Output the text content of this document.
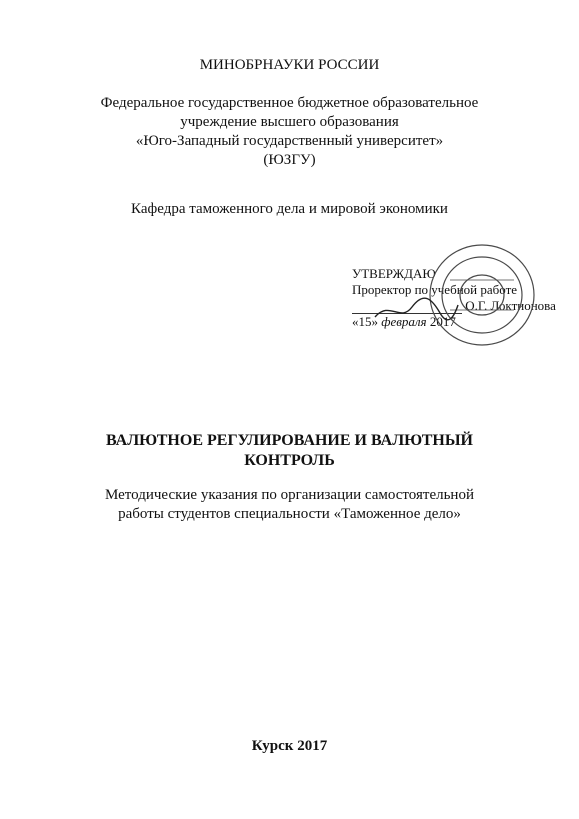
МИНОБРНАУКИ РОССИИ
Федеральное государственное бюджетное образовательное
учреждение высшего образования
«Юго-Западный государственный университет»
(ЮЗГУ)
Кафедра таможенного дела и мировой экономики
УТВЕРЖДАЮ
Проректор по учебной работе
О.Г. Локтионова
«15» февраля 2017
ВАЛЮТНОЕ РЕГУЛИРОВАНИЕ И ВАЛЮТНЫЙ
КОНТРОЛЬ
Методические указания по организации самостоятельной
работы студентов специальности «Таможенное дело»
Курск 2017
